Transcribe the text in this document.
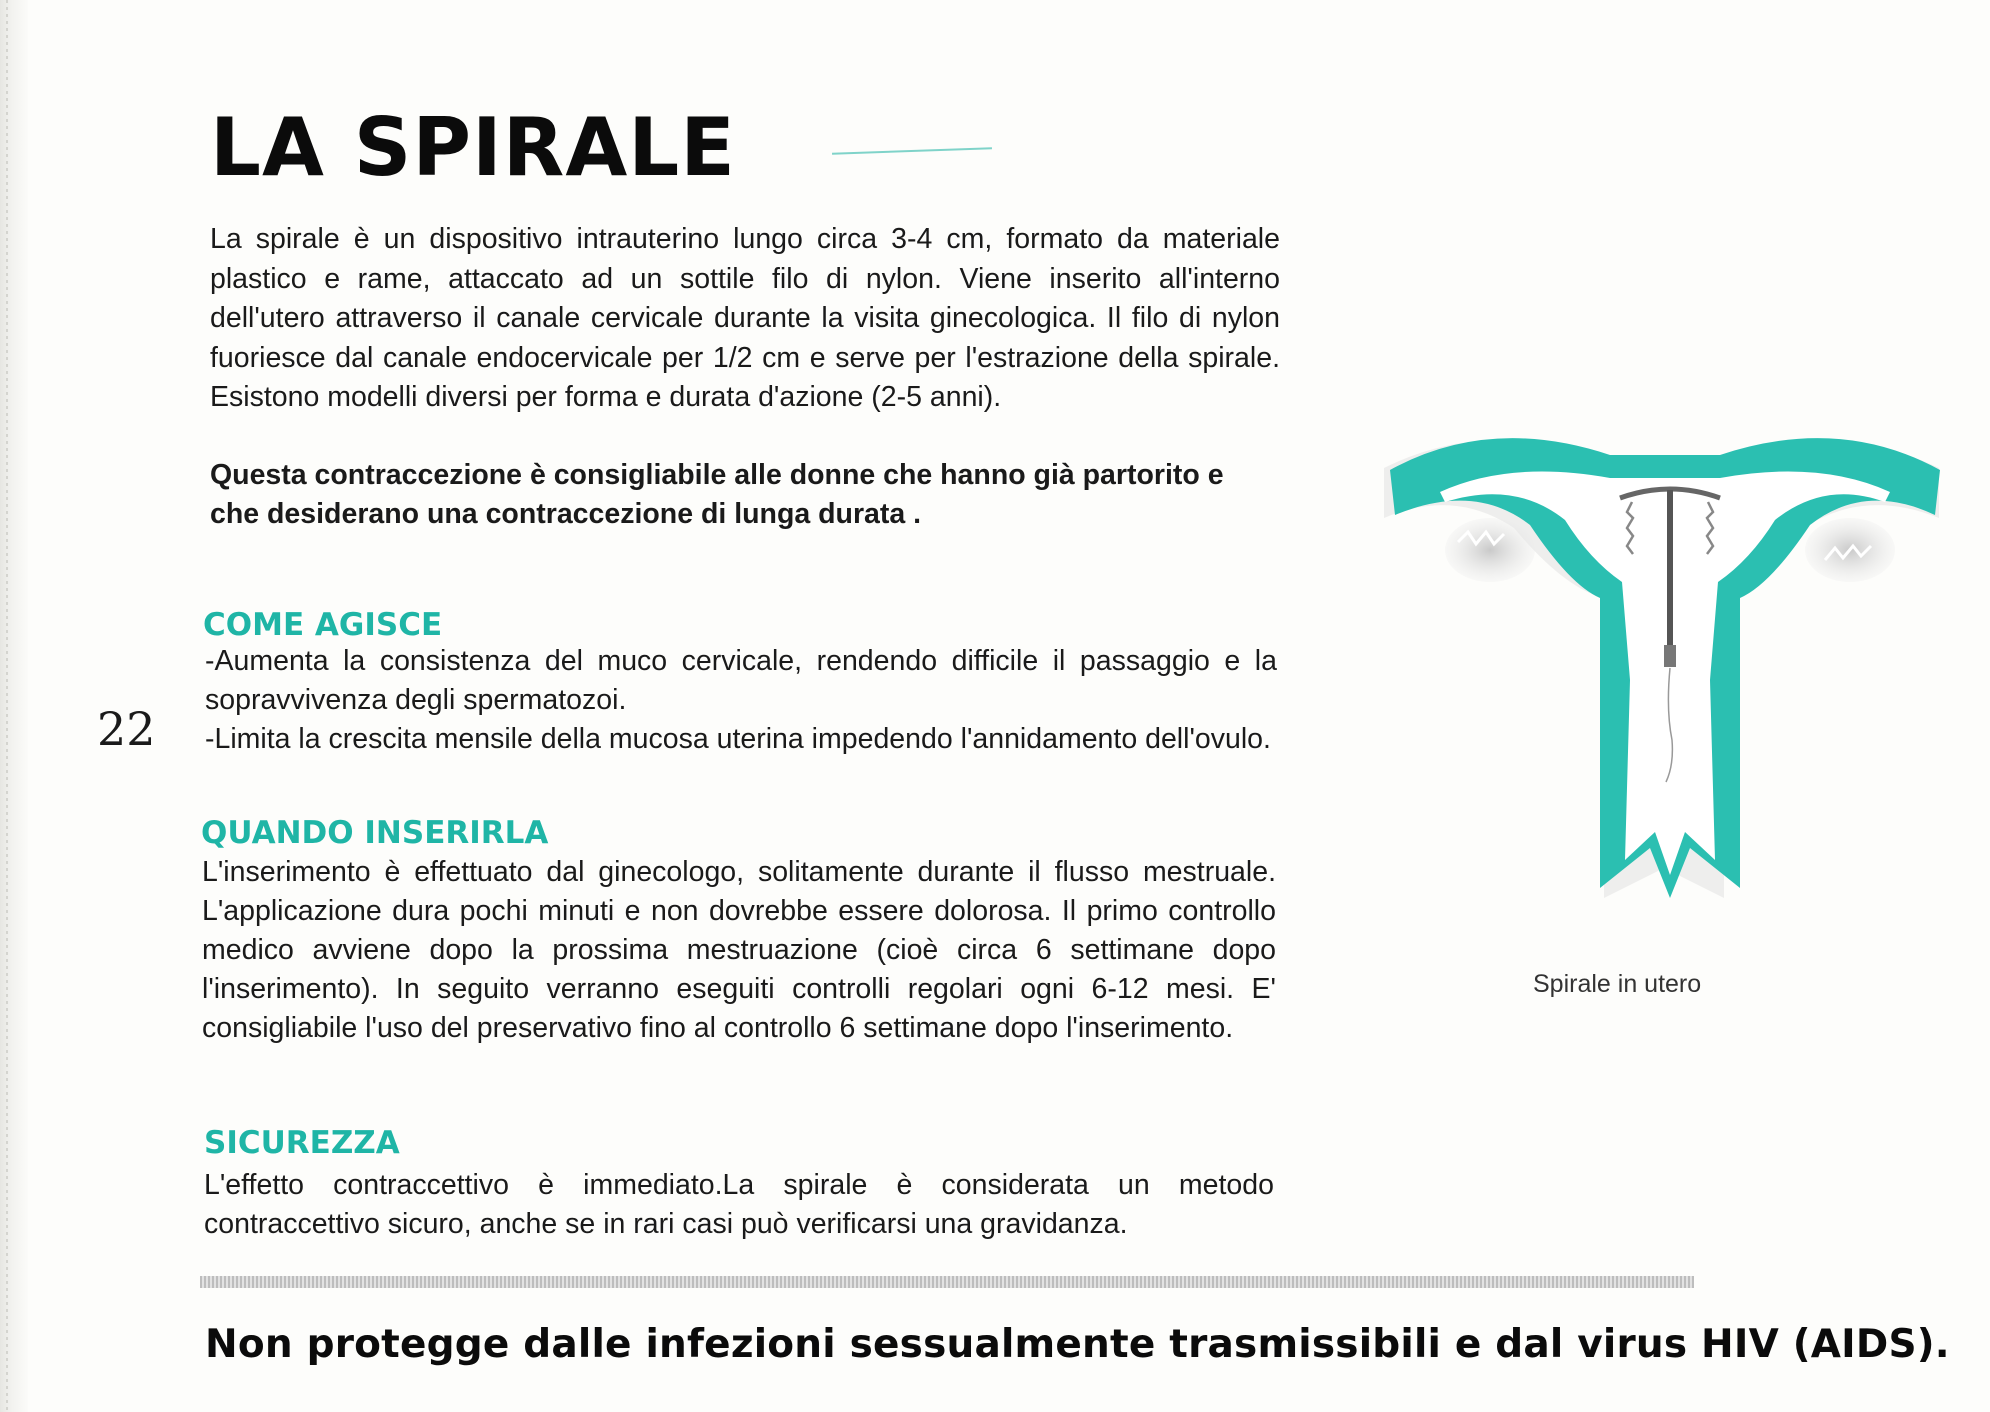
LA SPIRALE

La spirale è un dispositivo intrauterino lungo circa 3-4 cm, formato da materiale plastico e rame, attaccato ad un sottile filo di nylon. Viene inserito all'interno dell'utero attraverso il canale cervicale durante la visita ginecologica. Il filo di nylon fuoriesce dal canale endocervicale per 1/2 cm e serve per l'estrazione della spirale. Esistono modelli diversi per forma e durata d'azione (2-5 anni).

Questa contraccezione è consigliabile alle donne che hanno già partorito e che desiderano una contraccezione di lunga durata .

COME AGISCE

-Aumenta la consistenza del muco cervicale, rendendo difficile il passaggio e la sopravvivenza degli spermatozoi.

-Limita la crescita mensile della mucosa uterina impedendo l'annidamento dell'ovulo.

22
QUANDO INSERIRLA

L'inserimento è effettuato dal ginecologo, solitamente durante il flusso mestruale. L'applicazione dura pochi minuti e non dovrebbe essere dolorosa. Il primo controllo medico avviene dopo la prossima mestruazione (cioè circa 6 settimane dopo l'inserimento). In seguito verranno eseguiti controlli regolari ogni 6-12 mesi. E' consigliabile l'uso del preservativo fino al controllo 6 settimane dopo l'inserimento.

SICUREZZA

L'effetto contraccettivo è immediato.La spirale è considerata un metodo contraccettivo sicuro, anche se in rari casi può verificarsi una gravidanza.

Spirale in utero

Non protegge dalle infezioni sessualmente trasmissibili e dal virus HIV (AIDS).
